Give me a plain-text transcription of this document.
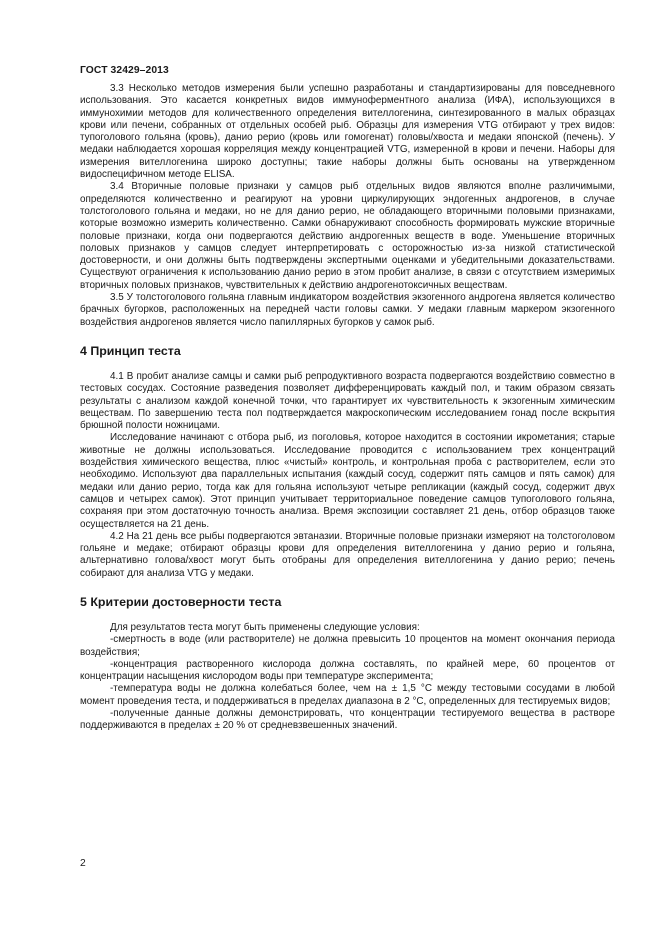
ГОСТ 32429–2013

3.3 Несколько методов измерения были успешно разработаны и стандартизированы для повседневного использования. Это касается конкретных видов иммуноферментного анализа (ИФА), использующихся в иммунохимии методов для количественного определения вителлогенина, синтезированного в малых образцах крови или печени, собранных от отдельных особей рыб. Образцы для измерения VTG отбирают у трех видов: тупоголового гольяна (кровь), данио рерио (кровь или гомогенат) головы/хвоста и медаки японской (печень). У медаки наблюдается хорошая корреляция между концентрацией VTG, измеренной в крови и печени. Наборы для измерения вителлогенина широко доступны; такие наборы должны быть основаны на утвержденном видоспецифичном методе ELISA.

3.4 Вторичные половые признаки у самцов рыб отдельных видов являются вполне различимыми, определяются количественно и реагируют на уровни циркулирующих эндогенных андрогенов, в случае толстоголового гольяна и медаки, но не для данио рерио, не обладающего вторичными половыми признаками, которые возможно измерить количественно. Самки обнаруживают способность формировать мужские вторичные половые признаки, когда они подвергаются действию андрогенных веществ в воде. Уменьшение вторичных половых признаков у самцов следует интерпретировать с осторожностью из-за низкой статистической достоверности, и они должны быть подтверждены экспертными оценками и убедительными доказательствами. Существуют ограничения к использованию данио рерио в этом пробит анализе, в связи с отсутствием измеримых вторичных половых признаков, чувствительных к действию андрогенотоксичных веществам.

3.5 У толстоголового гольяна главным индикатором воздействия экзогенного андрогена является количество брачных бугорков, расположенных на передней части головы самки. У медаки главным маркером экзогенного воздействия андрогенов является число папиллярных бугорков у самок рыб.

4 Принцип теста

4.1 В пробит анализе самцы и самки рыб репродуктивного возраста подвергаются воздействию совместно в тестовых сосудах. Состояние разведения позволяет дифференцировать каждый пол, и таким образом связать результаты с анализом каждой конечной точки, что гарантирует их чувствительность к экзогенным химическим веществам. По завершению теста пол подтверждается макроскопическим исследованием гонад после вскрытия брюшной полости ножницами.

Исследование начинают с отбора рыб, из поголовья, которое находится в состоянии икрометания; старые животные не должны использоваться. Исследование проводится с использованием трех концентраций воздействия химического вещества, плюс «чистый» контроль, и контрольная проба с растворителем, если это необходимо. Используют два параллельных испытания (каждый сосуд, содержит пять самцов и пять самок) для медаки или данио рерио, тогда как для гольяна используют четыре репликации (каждый сосуд, содержит двух самцов и четырех самок). Этот принцип учитывает территориальное поведение самцов тупоголового гольяна, сохраняя при этом достаточную точность анализа. Время экспозиции составляет 21 день, отбор образцов также осуществляется на 21 день.

4.2 На 21 день все рыбы подвергаются эвтаназии. Вторичные половые признаки измеряют на толстоголовом гольяне и медаке; отбирают образцы крови для определения вителлогенина у данио рерио и гольяна, альтернативно голова/хвост могут быть отобраны для определения вителлогенина у данио рерио; печень собирают для анализа VTG у медаки.

5 Критерии достоверности теста

Для результатов теста могут быть применены следующие условия:

-смертность в воде (или растворителе) не должна превысить 10 процентов на момент окончания периода воздействия;

-концентрация растворенного кислорода должна составлять, по крайней мере, 60 процентов от концентрации насыщения кислородом воды при температуре эксперимента;

-температура воды не должна колебаться более, чем на ± 1,5 °С между тестовыми сосудами в любой момент проведения теста, и поддерживаться в пределах диапазона в 2 °С, определенных для тестируемых видов;

-полученные данные должны демонстрировать, что концентрации тестируемого вещества в растворе поддерживаются в пределах ± 20 % от средневзвешенных значений.

2
